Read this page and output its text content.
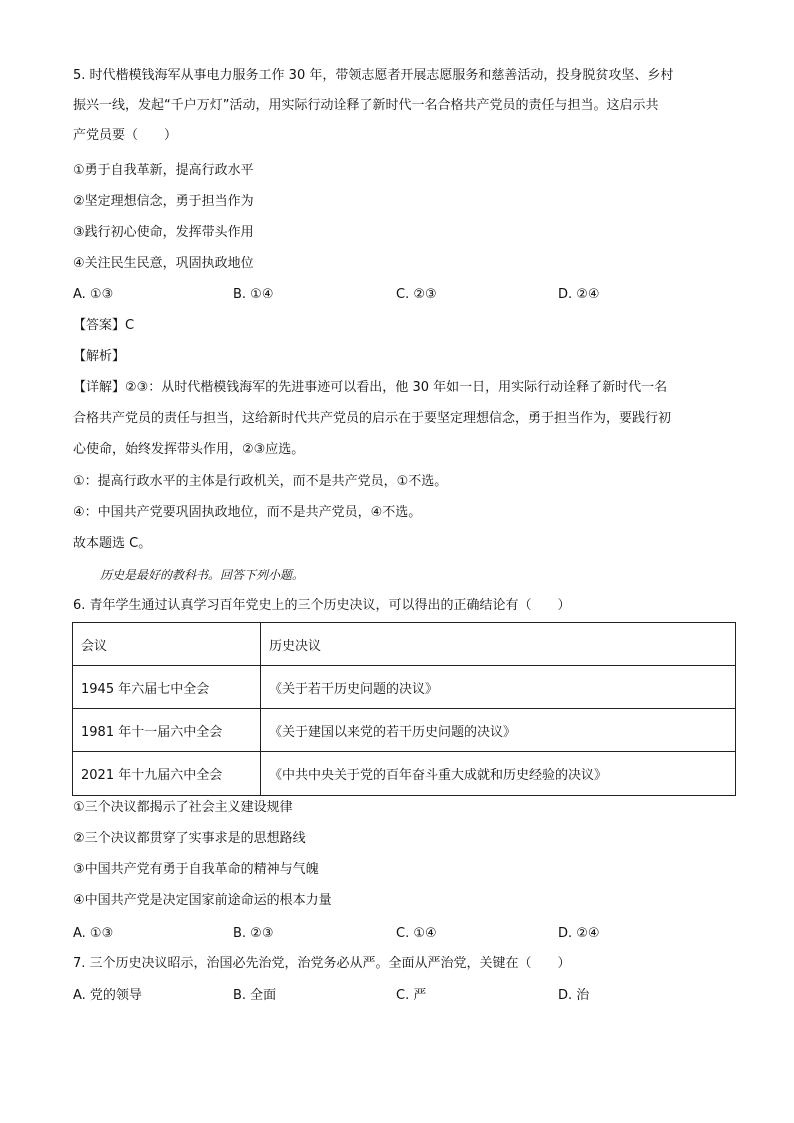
5. 时代楷模钱海军从事电力服务工作 30 年，带领志愿者开展志愿服务和慈善活动，投身脱贫攻坚、乡村
振兴一线，发起“千户万灯”活动，用实际行动诠释了新时代一名合格共产党员的责任与担当。这启示共
产党员要（　　）
①勇于自我革新，提高行政水平
②坚定理想信念，勇于担当作为
③践行初心使命，发挥带头作用
④关注民生民意，巩固执政地位
A. ①③	B. ①④	C. ②③	D. ②④
【答案】C
【解析】
【详解】②③：从时代楷模钱海军的先进事迹可以看出，他 30 年如一日，用实际行动诠释了新时代一名
合格共产党员的责任与担当，这给新时代共产党员的启示在于要坚定理想信念，勇于担当作为，要践行初
心使命，始终发挥带头作用，②③应选。
①：提高行政水平的主体是行政机关，而不是共产党员，①不选。
④：中国共产党要巩固执政地位，而不是共产党员，④不选。
故本题选 C。
历史是最好的教科书。回答下列小题。
6. 青年学生通过认真学习百年党史上的三个历史决议，可以得出的正确结论有（　　）
会议	历史决议
1945 年六届七中全会	《关于若干历史问题的决议》
1981 年十一届六中全会	《关于建国以来党的若干历史问题的决议》
2021 年十九届六中全会	《中共中央关于党的百年奋斗重大成就和历史经验的决议》
①三个决议都揭示了社会主义建设规律
②三个决议都贯穿了实事求是的思想路线
③中国共产党有勇于自我革命的精神与气魄
④中国共产党是决定国家前途命运的根本力量
A. ①③	B. ②③	C. ①④	D. ②④
7. 三个历史决议昭示，治国必先治党，治党务必从严。全面从严治党，关键在（　　）
A. 党的领导	B. 全面	C. 严	D. 治
